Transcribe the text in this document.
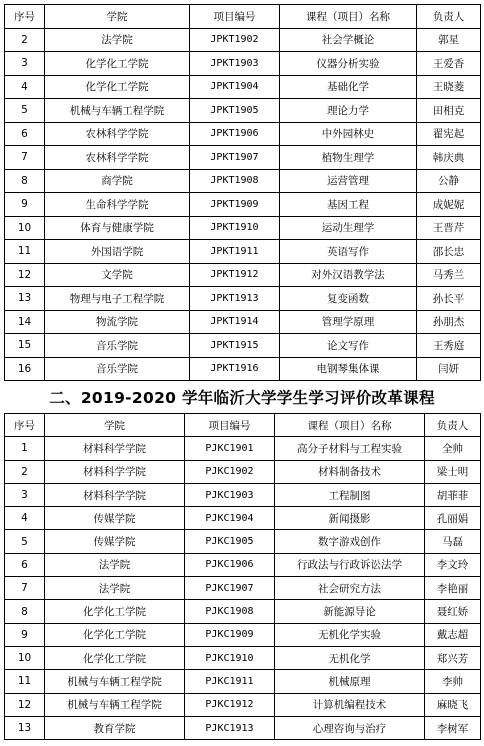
序号	学院	项目编号	课程（项目）名称	负责人
2	法学院	JPKT1902	社会学概论	郭星
3	化学化工学院	JPKT1903	仪器分析实验	王爱香
4	化学化工学院	JPKT1904	基础化学	王晓菱
5	机械与车辆工程学院	JPKT1905	理论力学	田相克
6	农林科学学院	JPKT1906	中外园林史	翟宪起
7	农林科学学院	JPKT1907	植物生理学	韩庆典
8	商学院	JPKT1908	运营管理	公静
9	生命科学学院	JPKT1909	基因工程	成妮妮
10	体育与健康学院	JPKT1910	运动生理学	王晋芹
11	外国语学院	JPKT1911	英语写作	邵长忠
12	文学院	JPKT1912	对外汉语教学法	马秀兰
13	物理与电子工程学院	JPKT1913	复变函数	孙长平
14	物流学院	JPKT1914	管理学原理	孙朋杰
15	音乐学院	JPKT1915	论文写作	王秀庭
16	音乐学院	JPKT1916	电钢琴集体课	闫妍
二、2019-2020 学年临沂大学学生学习评价改革课程
序号	学院	项目编号	课程（项目）名称	负责人
1	材料科学学院	PJKC1901	高分子材料与工程实验	全帅
2	材料科学学院	PJKC1902	材料制备技术	梁士明
3	材料科学学院	PJKC1903	工程制图	胡菲菲
4	传媒学院	PJKC1904	新闻摄影	孔丽娟
5	传媒学院	PJKC1905	数字游戏创作	马磊
6	法学院	PJKC1906	行政法与行政诉讼法学	李文玲
7	法学院	PJKC1907	社会研究方法	李艳丽
8	化学化工学院	PJKC1908	新能源导论	聂红娇
9	化学化工学院	PJKC1909	无机化学实验	戴志超
10	化学化工学院	PJKC1910	无机化学	郑兴芳
11	机械与车辆工程学院	PJKC1911	机械原理	李帅
12	机械与车辆工程学院	PJKC1912	计算机编程技术	麻晓飞
13	教育学院	PJKC1913	心理咨询与治疗	李树军
